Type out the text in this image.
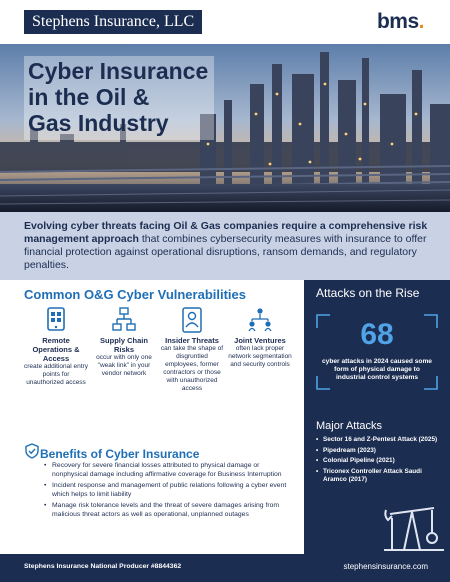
Stephens Insurance, LLC	bms.
Cyber Insurance
in the Oil &
Gas Industry

Evolving cyber threats facing Oil & Gas companies require a comprehensive risk management approach that combines cybersecurity measures with insurance to offer financial protection against operational disruptions, ransom demands, and regulatory penalties.

Common O&G Cyber Vulnerabilities
Remote Operations & Access
create additional entry points for unauthorized access
Supply Chain Risks
occur with only one "weak link" in your vendor network
Insider Threats
can take the shape of disgruntled employees, former contractors or those with unauthorized access
Joint Ventures
often lack proper network segmentation and security controls
Benefits of Cyber Insurance
• Recovery for severe financial losses attributed to physical damage or nonphysical damage including affirmative coverage for Business Interruption
• Incident response and management of public relations following a cyber event which helps to limit liability
• Manage risk tolerance levels and the threat of severe damages arising from malicious threat actors as well as operational, unplanned outages
Attacks on the Rise
68
cyber attacks in 2024 caused some form of physical damage to industrial control systems
Major Attacks
• Sector 16 and Z-Pentest Attack (2025)
• Pipedream (2023)
• Colonial Pipeline (2021)
• Triconex Controller Attack Saudi Aramco (2017)
Stephens Insurance National Producer #8844362	stephensinsurance.com
